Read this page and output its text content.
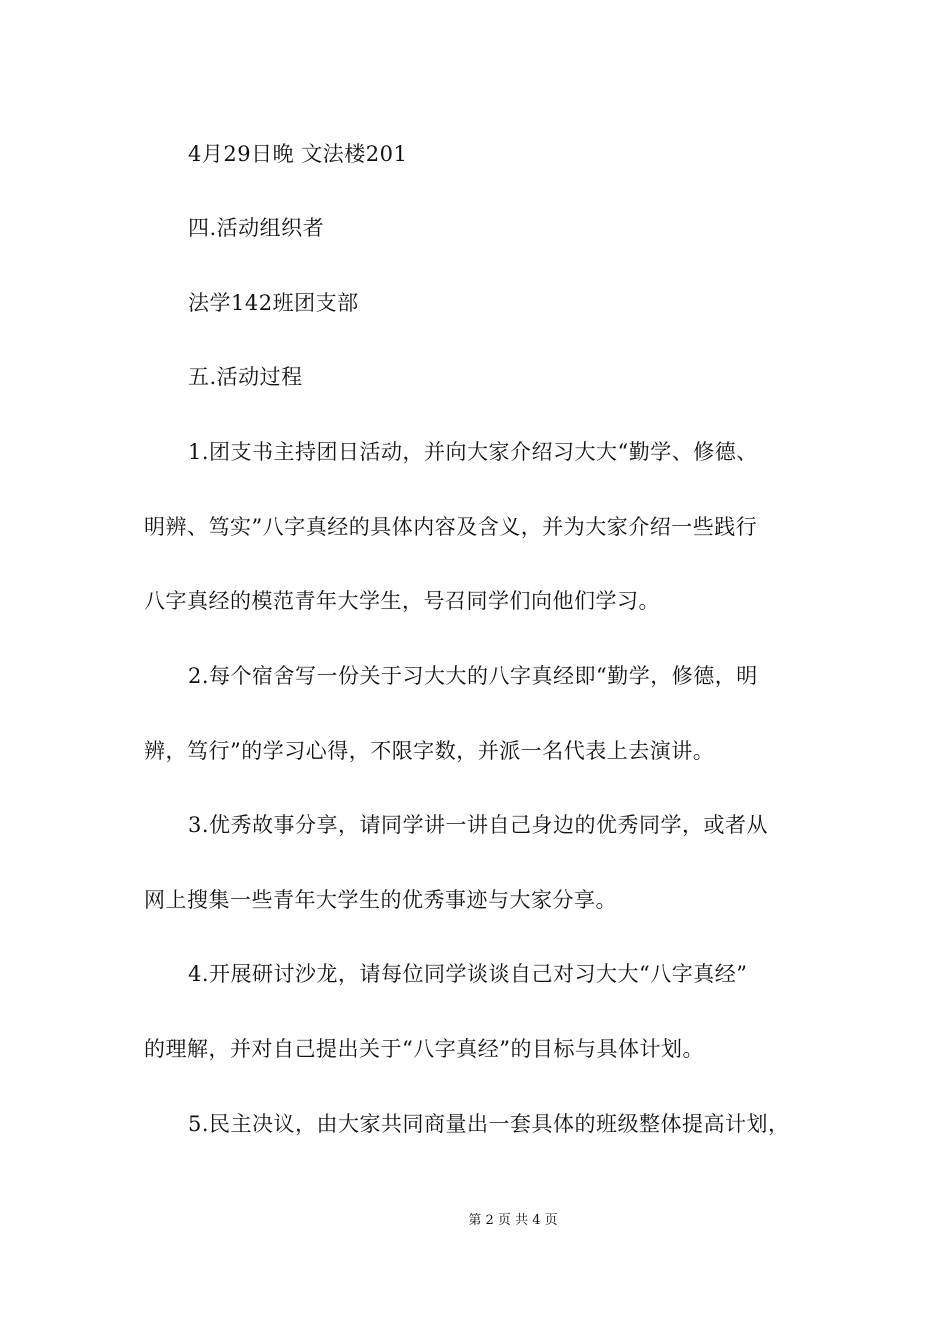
4月29日晚 文法楼201
四.活动组织者
法学142班团支部
五.活动过程
1.团支书主持团日活动，并向大家介绍习大大“勤学、修德、
明辨、笃实”八字真经的具体内容及含义，并为大家介绍一些践行
八字真经的模范青年大学生，号召同学们向他们学习。
2.每个宿舍写一份关于习大大的八字真经即“勤学，修德，明
辨，笃行”的学习心得，不限字数，并派一名代表上去演讲。
3.优秀故事分享，请同学讲一讲自己身边的优秀同学，或者从
网上搜集一些青年大学生的优秀事迹与大家分享。
4.开展研讨沙龙，请每位同学谈谈自己对习大大“八字真经”
的理解，并对自己提出关于“八字真经”的目标与具体计划。
5.民主决议，由大家共同商量出一套具体的班级整体提高计划，
第 2 页 共 4 页
